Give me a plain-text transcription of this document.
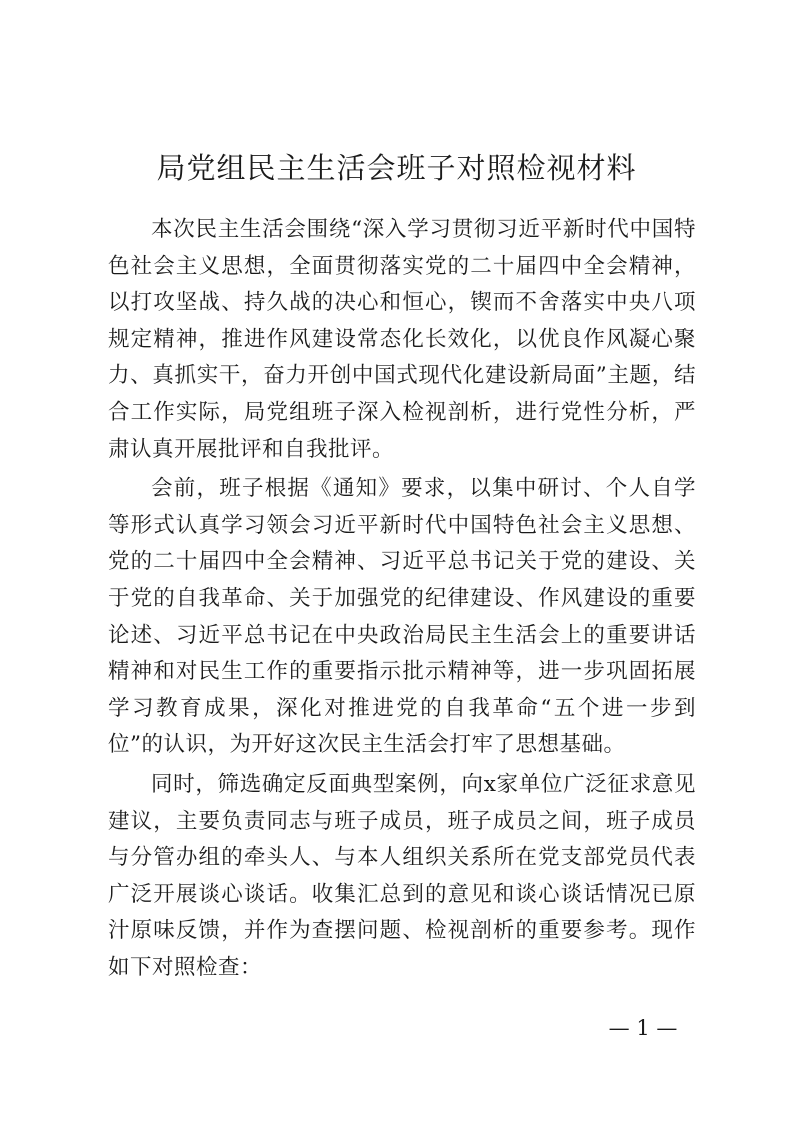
局党组民主生活会班子对照检视材料

本次民主生活会围绕“深入学习贯彻习近平新时代中国特色社会主义思想，全面贯彻落实党的二十届四中全会精神，以打攻坚战、持久战的决心和恒心，锲而不舍落实中央八项规定精神，推进作风建设常态化长效化，以优良作风凝心聚力、真抓实干，奋力开创中国式现代化建设新局面”主题，结合工作实际，局党组班子深入检视剖析，进行党性分析，严肃认真开展批评和自我批评。

会前，班子根据《通知》要求，以集中研讨、个人自学等形式认真学习领会习近平新时代中国特色社会主义思想、党的二十届四中全会精神、习近平总书记关于党的建设、关于党的自我革命、关于加强党的纪律建设、作风建设的重要论述、习近平总书记在中央政治局民主生活会上的重要讲话精神和对民生工作的重要指示批示精神等，进一步巩固拓展学习教育成果，深化对推进党的自我革命“五个进一步到位”的认识，为开好这次民主生活会打牢了思想基础。

同时，筛选确定反面典型案例，向x家单位广泛征求意见建议，主要负责同志与班子成员，班子成员之间，班子成员与分管办组的牵头人、与本人组织关系所在党支部党员代表广泛开展谈心谈话。收集汇总到的意见和谈心谈话情况已原汁原味反馈，并作为查摆问题、检视剖析的重要参考。现作如下对照检查：

— 1 —
